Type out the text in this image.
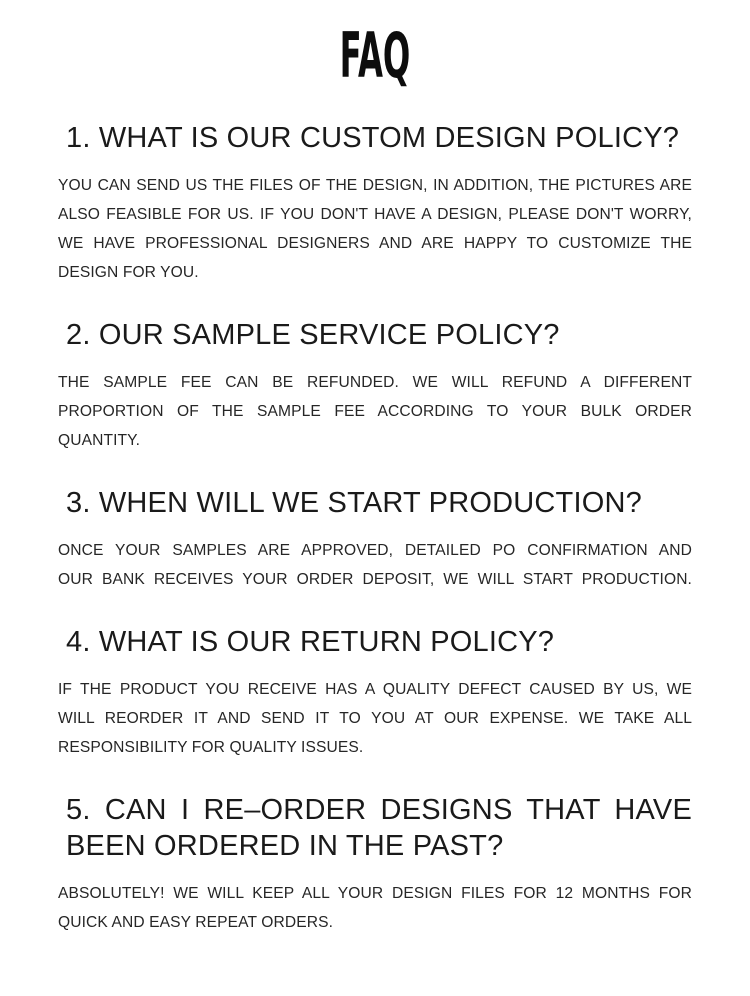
FAQ
1. WHAT IS OUR CUSTOM DESIGN POLICY?
YOU CAN SEND US THE FILES OF THE DESIGN, IN ADDITION, THE PICTURES ARE
ALSO FEASIBLE FOR US. IF YOU DON'T HAVE A DESIGN, PLEASE DON'T WORRY,
WE HAVE PROFESSIONAL DESIGNERS AND ARE HAPPY TO CUSTOMIZE THE
DESIGN FOR YOU.
2. OUR SAMPLE SERVICE POLICY?
THE SAMPLE FEE CAN BE REFUNDED. WE WILL REFUND A DIFFERENT
PROPORTION OF THE SAMPLE FEE ACCORDING TO YOUR BULK ORDER
QUANTITY.
3. WHEN WILL WE START PRODUCTION?
ONCE YOUR SAMPLES ARE APPROVED, DETAILED PO CONFIRMATION AND
OUR BANK RECEIVES YOUR ORDER DEPOSIT, WE WILL START PRODUCTION.
4. WHAT IS OUR RETURN POLICY?
IF THE PRODUCT YOU RECEIVE HAS A QUALITY DEFECT CAUSED BY US, WE
WILL REORDER IT AND SEND IT TO YOU AT OUR EXPENSE. WE TAKE ALL
RESPONSIBILITY FOR QUALITY ISSUES.
5. CAN I RE–ORDER DESIGNS THAT HAVE
BEEN ORDERED IN THE PAST?
ABSOLUTELY! WE WILL KEEP ALL YOUR DESIGN FILES FOR 12 MONTHS FOR
QUICK AND EASY REPEAT ORDERS.
